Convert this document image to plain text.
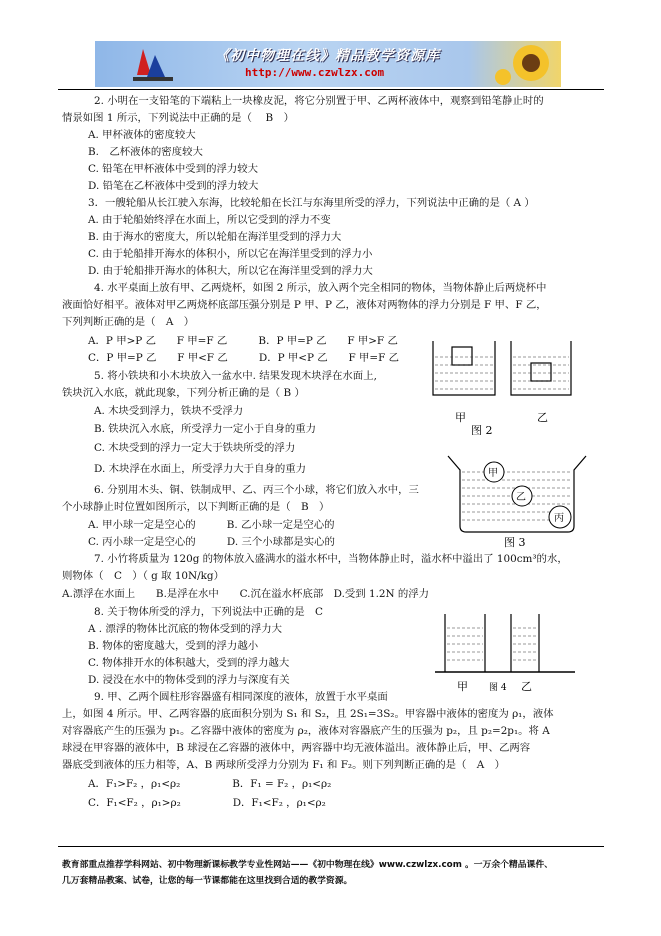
《初中物理在线》精品教学资源库
http://www.czwlzx.com
2. 小明在一支铅笔的下端粘上一块橡皮泥，将它分别置于甲、乙两杯液体中，观察到铅笔静止时的
情景如图 1 所示，下列说法中正确的是（　 B　）
A. 甲杯液体的密度较大
B.　乙杯液体的密度较大
C. 铅笔在甲杯液体中受到的浮力较大
D. 铅笔在乙杯液体中受到的浮力较大
3．一艘轮船从长江驶入东海，比较轮船在长江与东海里所受的浮力，下列说法中正确的是（ A ）
A. 由于轮船始终浮在水面上，所以它受到的浮力不变
B. 由于海水的密度大，所以轮船在海洋里受到的浮力大
C. 由于轮船排开海水的体积小，所以它在海洋里受到的浮力小
D. 由于轮船排开海水的体积大，所以它在海洋里受到的浮力大
4. 水平桌面上放有甲、乙两烧杯，如图 2 所示，放入两个完全相同的物体，当物体静止后两烧杯中
液面恰好相平。液体对甲乙两烧杯底部压强分别是 P 甲、P 乙，液体对两物体的浮力分别是 F 甲、F 乙，
下列判断正确的是（　A　）
A．P 甲>P 乙　　F 甲=F 乙　　　B．P 甲=P 乙　　F 甲>F 乙
C．P 甲=P 乙　　F 甲<F 乙　　　D．P 甲<P 乙　　F 甲=F 乙
5. 将小铁块和小木块放入一盆水中. 结果发现木块浮在水面上,
铁块沉入水底，就此现象，下列分析正确的是（ B ）
A. 木块受到浮力，铁块不受浮力
B. 铁块沉入水底，所受浮力一定小于自身的重力
C. 木块受到的浮力一定大于铁块所受的浮力
D. 木块浮在水面上，所受浮力大于自身的重力
6. 分别用木头、铜、铁制成甲、乙、丙三个小球，将它们放入水中，三
个小球静止时位置如图所示，以下判断正确的是（　B　）
A. 甲小球一定是空心的　　　B. 乙小球一定是空心的
C. 丙小球一定是空心的　　　D. 三个小球都是实心的
7. 小竹将质量为 120g 的物体放入盛满水的溢水杯中，当物体静止时，溢水杯中溢出了 100cm³的水，
则物体（　C　）（ g 取 10N/kg）
A.漂浮在水面上　　B.是浮在水中　　C.沉在溢水杯底部　D.受到 1.2N 的浮力
8. 关于物体所受的浮力，下列说法中正确的是　C
A . 漂浮的物体比沉底的物体受到的浮力大
B. 物体的密度越大，受到的浮力越小
C. 物体排开水的体积越大，受到的浮力越大
D. 浸没在水中的物体受到的浮力与深度有关
9. 甲、乙两个圆柱形容器盛有相同深度的液体，放置于水平桌面
上，如图 4 所示。甲、乙两容器的底面积分别为 S₁ 和 S₂，且 2S₁=3S₂。甲容器中液体的密度为 ρ₁，液体
对容器底产生的压强为 p₁。乙容器中液体的密度为 ρ₂，液体对容器底产生的压强为 p₂，且 p₂=2p₁。将 A
球浸在甲容器的液体中，B 球浸在乙容器的液体中，两容器中均无液体溢出。液体静止后，甲、乙两容
器底受到液体的压力相等，A、B 两球所受浮力分别为 F₁ 和 F₂。则下列判断正确的是（　A　）
A．F₁>F₂ ，ρ₁<ρ₂　　　　　B．F₁ = F₂ ，ρ₁<ρ₂
C．F₁<F₂ ，ρ₁>ρ₂　　　　　D．F₁<F₂ ，ρ₁<ρ₂
甲	乙
图 2
甲
乙
丙
图 3
甲 图 4 乙
教育部重点推荐学科网站、初中物理新课标教学专业性网站——《初中物理在线》www.czwlzx.com 。一万余个精品课件、
几万套精品教案、试卷，让您的每一节课都能在这里找到合适的教学资源。
